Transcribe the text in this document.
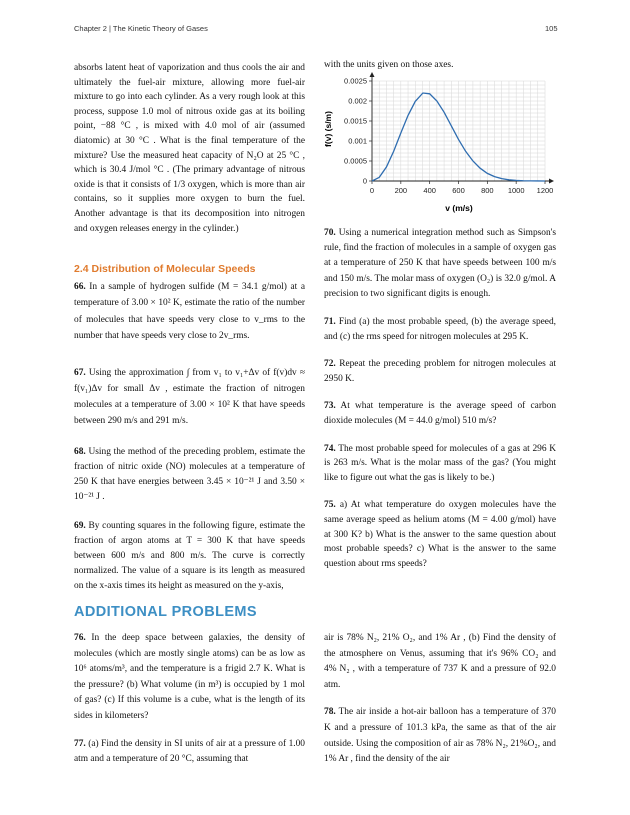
Chapter 2 | The Kinetic Theory of Gases	105

absorbs latent heat of vaporization and thus cools the air and ultimately the fuel-air mixture, allowing more fuel-air mixture to go into each cylinder. As a very rough look at this process, suppose 1.0 mol of nitrous oxide gas at its boiling point, −88 °C , is mixed with 4.0 mol of air (assumed diatomic) at 30 °C . What is the final temperature of the mixture? Use the measured heat capacity of N₂O at 25 °C , which is 30.4 J/mol °C . (The primary advantage of nitrous oxide is that it consists of 1/3 oxygen, which is more than air contains, so it supplies more oxygen to burn the fuel. Another advantage is that its decomposition into nitrogen and oxygen releases energy in the cylinder.)

2.4 Distribution of Molecular Speeds

66. In a sample of hydrogen sulfide (M = 34.1 g/mol) at a temperature of 3.00 × 10² K, estimate the ratio of the number of molecules that have speeds very close to v_rms to the number that have speeds very close to 2v_rms.

67. Using the approximation ∫ from v₁ to v₁+Δv of f(v)dv ≈ f(v₁)Δv for small Δv , estimate the fraction of nitrogen molecules at a temperature of 3.00 × 10² K that have speeds between 290 m/s and 291 m/s.

68. Using the method of the preceding problem, estimate the fraction of nitric oxide (NO) molecules at a temperature of 250 K that have energies between 3.45 × 10⁻²¹ J and 3.50 × 10⁻²¹ J .

69. By counting squares in the following figure, estimate the fraction of argon atoms at T = 300 K that have speeds between 600 m/s and 800 m/s. The curve is correctly normalized. The value of a square is its length as measured on the x-axis times its height as measured on the y-axis,

with the units given on those axes.

0	200 400 600 800 1000 1200
0
0.0005
0.001
0.0015
0.002
0.0025
f(v) (s/m)
v (m/s)

70. Using a numerical integration method such as Simpson's rule, find the fraction of molecules in a sample of oxygen gas at a temperature of 250 K that have speeds between 100 m/s and 150 m/s. The molar mass of oxygen (O₂) is 32.0 g/mol. A precision to two significant digits is enough.

71. Find (a) the most probable speed, (b) the average speed, and (c) the rms speed for nitrogen molecules at 295 K.

72. Repeat the preceding problem for nitrogen molecules at 2950 K.

73. At what temperature is the average speed of carbon dioxide molecules (M = 44.0 g/mol) 510 m/s?

74. The most probable speed for molecules of a gas at 296 K is 263 m/s. What is the molar mass of the gas? (You might like to figure out what the gas is likely to be.)

75. a) At what temperature do oxygen molecules have the same average speed as helium atoms (M = 4.00 g/mol) have at 300 K? b) What is the answer to the same question about most probable speeds? c) What is the answer to the same question about rms speeds?

ADDITIONAL PROBLEMS

76. In the deep space between galaxies, the density of molecules (which are mostly single atoms) can be as low as 10⁶ atoms/m³, and the temperature is a frigid 2.7 K. What is the pressure? (b) What volume (in m³) is occupied by 1 mol of gas? (c) If this volume is a cube, what is the length of its sides in kilometers?

77. (a) Find the density in SI units of air at a pressure of 1.00 atm and a temperature of 20 °C, assuming that

air is 78% N₂, 21% O₂, and 1% Ar , (b) Find the density of the atmosphere on Venus, assuming that it's 96% CO₂ and 4% N₂ , with a temperature of 737 K and a pressure of 92.0 atm.

78. The air inside a hot-air balloon has a temperature of 370 K and a pressure of 101.3 kPa, the same as that of the air outside. Using the composition of air as 78% N₂, 21%O₂, and 1% Ar , find the density of the air
